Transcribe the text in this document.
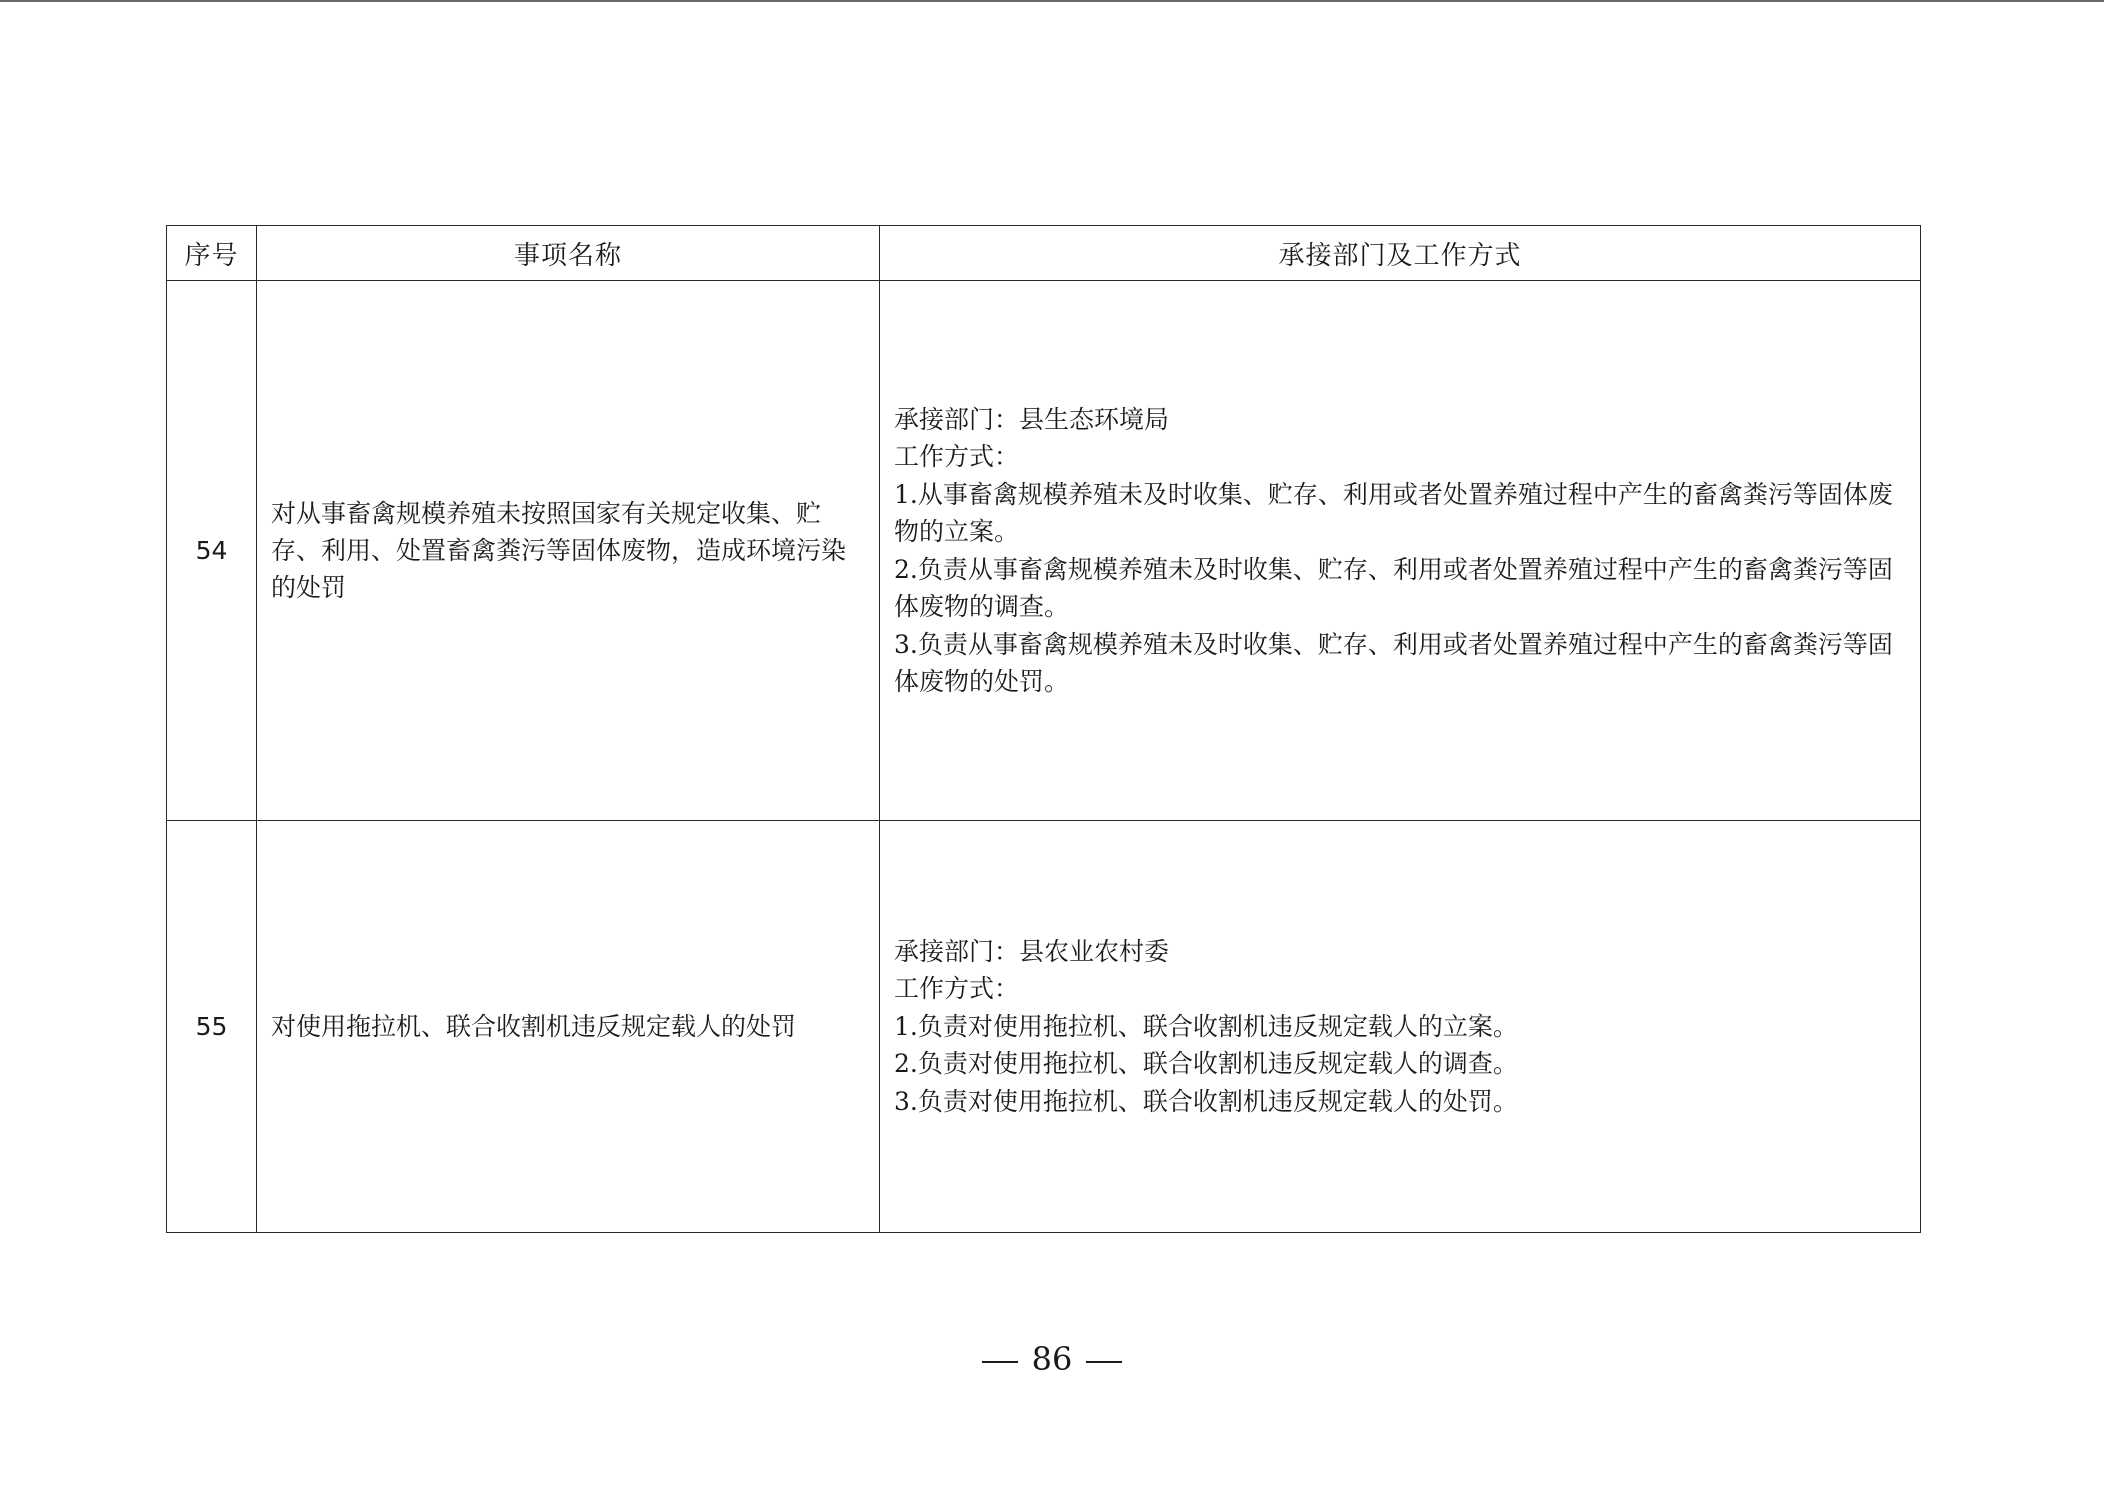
序号	事项名称	承接部门及工作方式
54	对从事畜禽规模养殖未按照国家有关规定收集、贮存、利用、处置畜禽粪污等固体废物，造成环境污染的处罚	承接部门：县生态环境局
工作方式：
1.从事畜禽规模养殖未及时收集、贮存、利用或者处置养殖过程中产生的畜禽粪污等固体废物的立案。
2.负责从事畜禽规模养殖未及时收集、贮存、利用或者处置养殖过程中产生的畜禽粪污等固体废物的调查。
3.负责从事畜禽规模养殖未及时收集、贮存、利用或者处置养殖过程中产生的畜禽粪污等固体废物的处罚。

55	对使用拖拉机、联合收割机违反规定载人的处罚	承接部门：县农业农村委
工作方式：
1.负责对使用拖拉机、联合收割机违反规定载人的立案。
2.负责对使用拖拉机、联合收割机违反规定载人的调查。
3.负责对使用拖拉机、联合收割机违反规定载人的处罚。
86
